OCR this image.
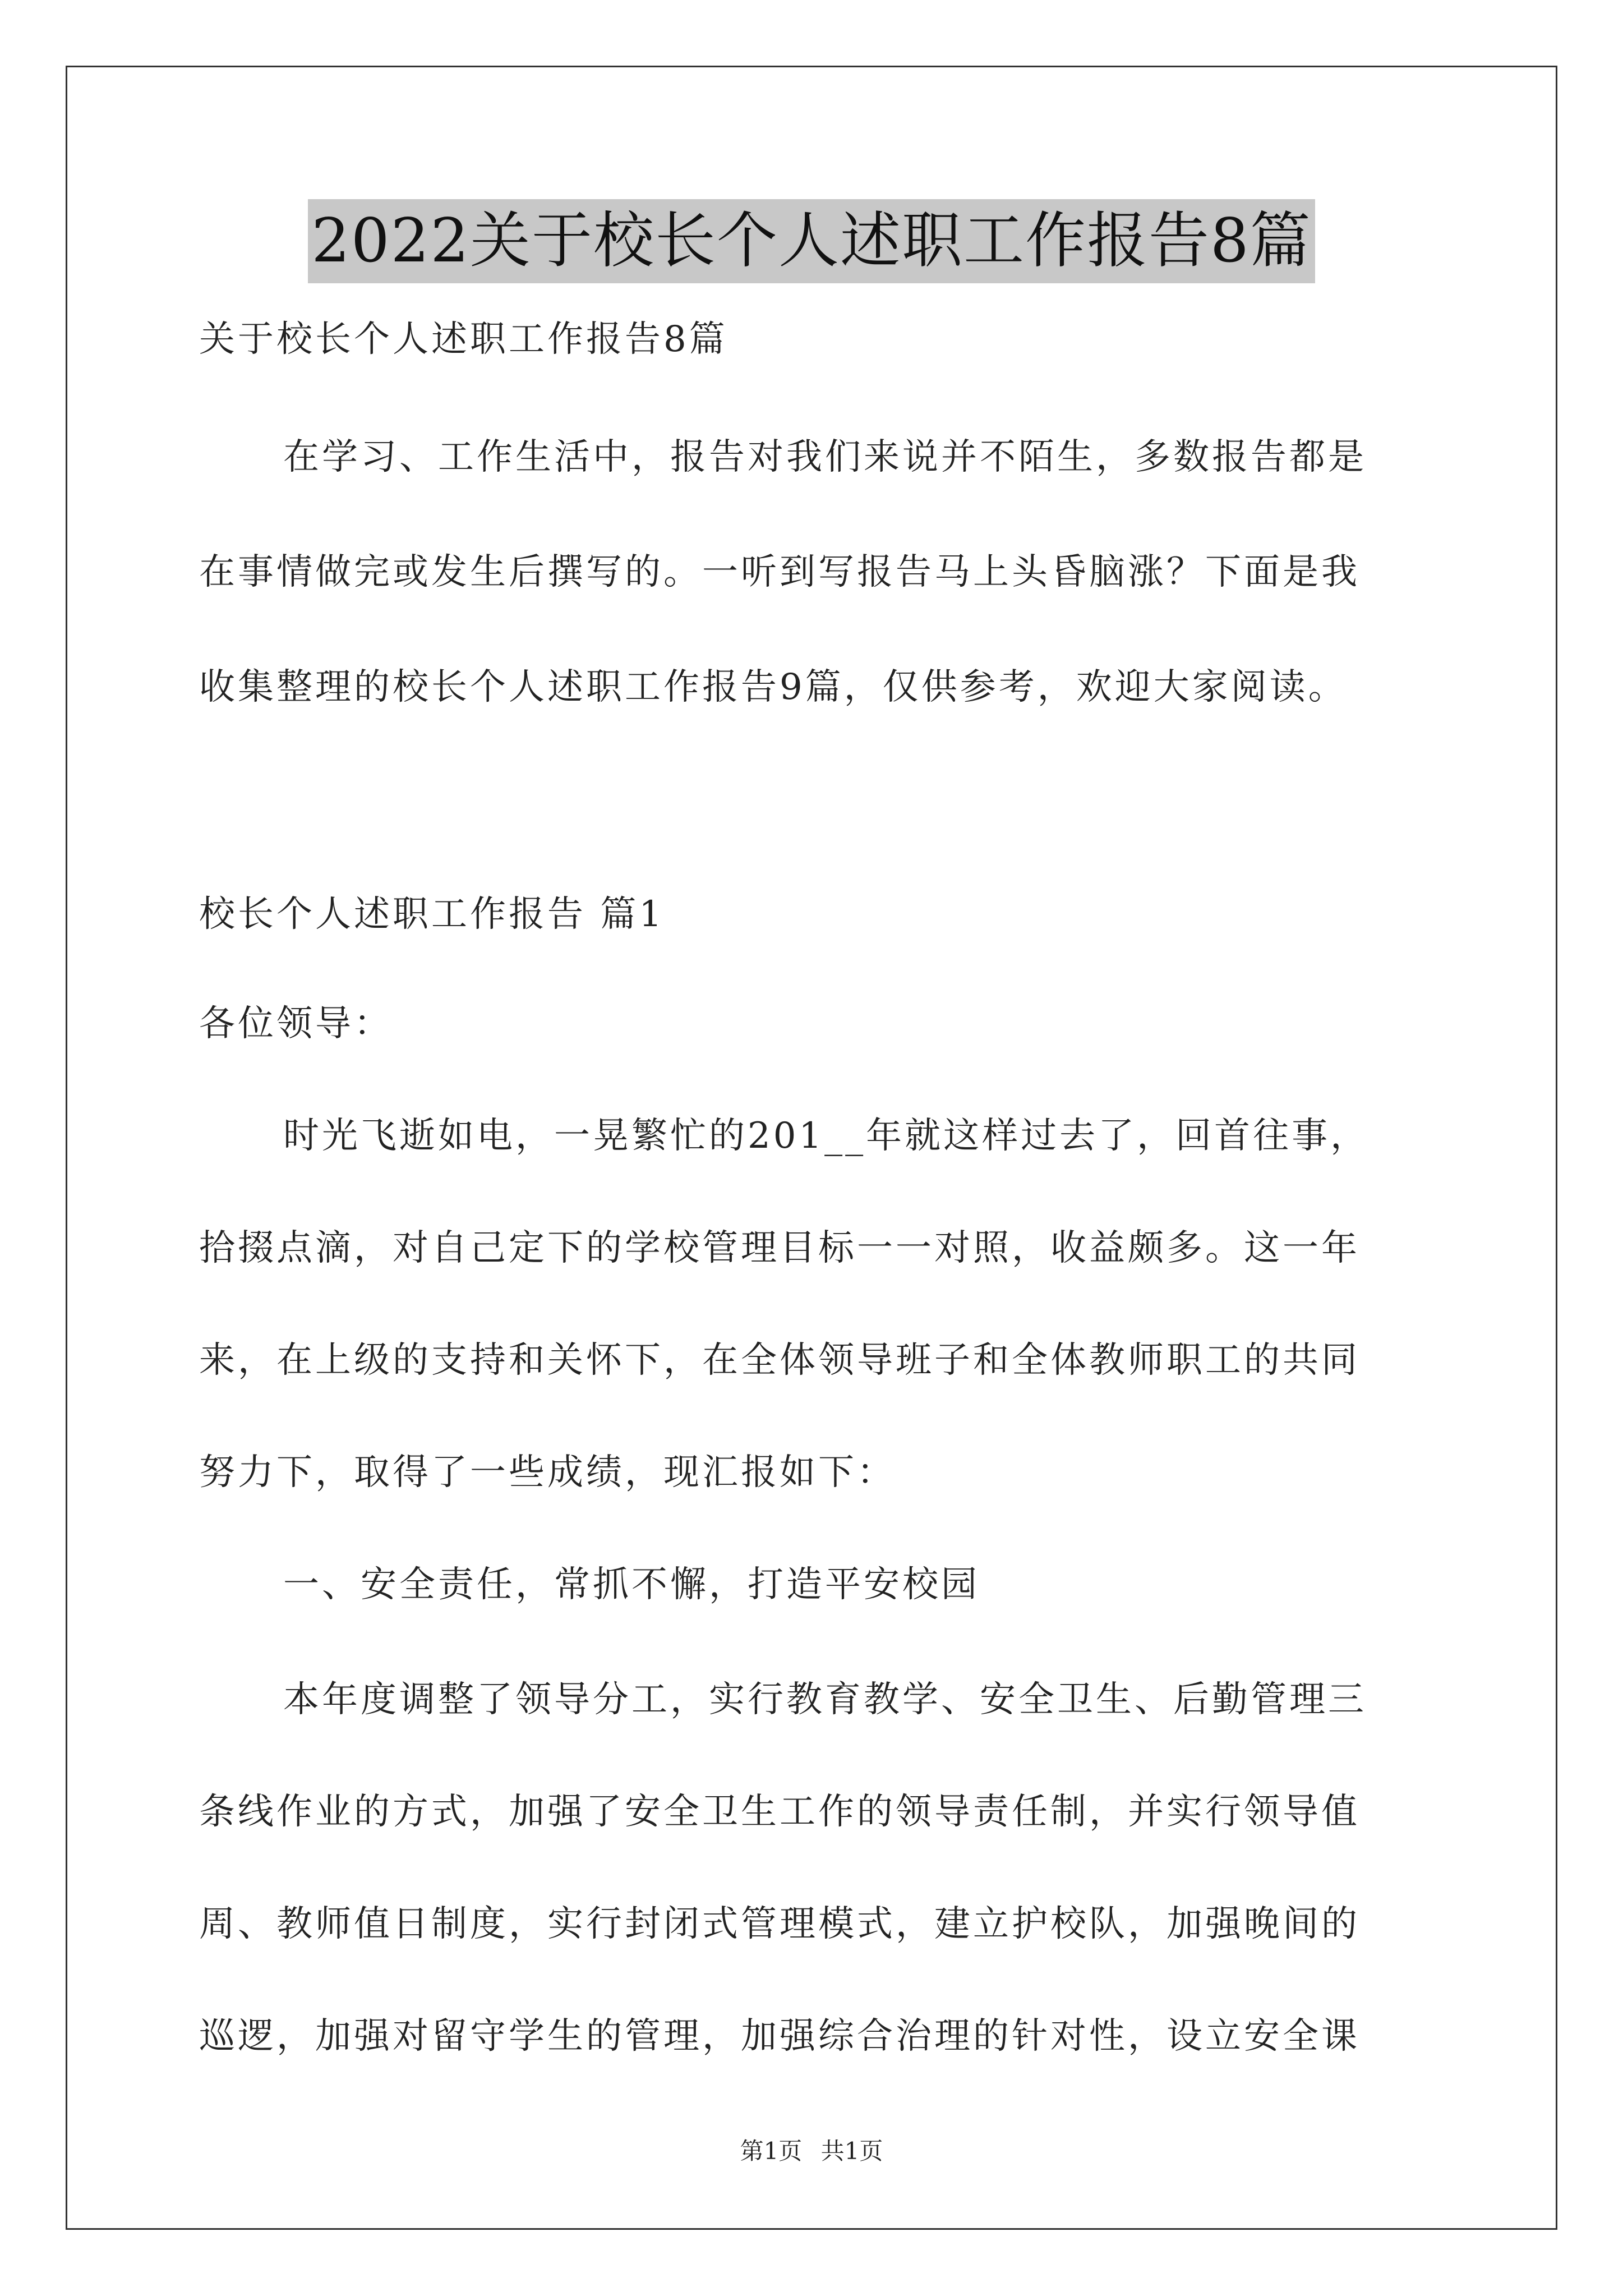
2022关于校长个人述职工作报告8篇
关于校长个人述职工作报告8篇
在学习、工作生活中，报告对我们来说并不陌生，多数报告都是
在事情做完或发生后撰写的。一听到写报告马上头昏脑涨？下面是我
收集整理的校长个人述职工作报告9篇，仅供参考，欢迎大家阅读。
校长个人述职工作报告 篇1
各位领导：
时光飞逝如电，一晃繁忙的201__年就这样过去了，回首往事，
拾掇点滴，对自己定下的学校管理目标一一对照，收益颇多。这一年
来，在上级的支持和关怀下，在全体领导班子和全体教师职工的共同
努力下，取得了一些成绩，现汇报如下：
一、安全责任，常抓不懈，打造平安校园
本年度调整了领导分工，实行教育教学、安全卫生、后勤管理三
条线作业的方式，加强了安全卫生工作的领导责任制，并实行领导值
周、教师值日制度，实行封闭式管理模式，建立护校队，加强晚间的
巡逻，加强对留守学生的管理，加强综合治理的针对性，设立安全课
第1页 共1页
